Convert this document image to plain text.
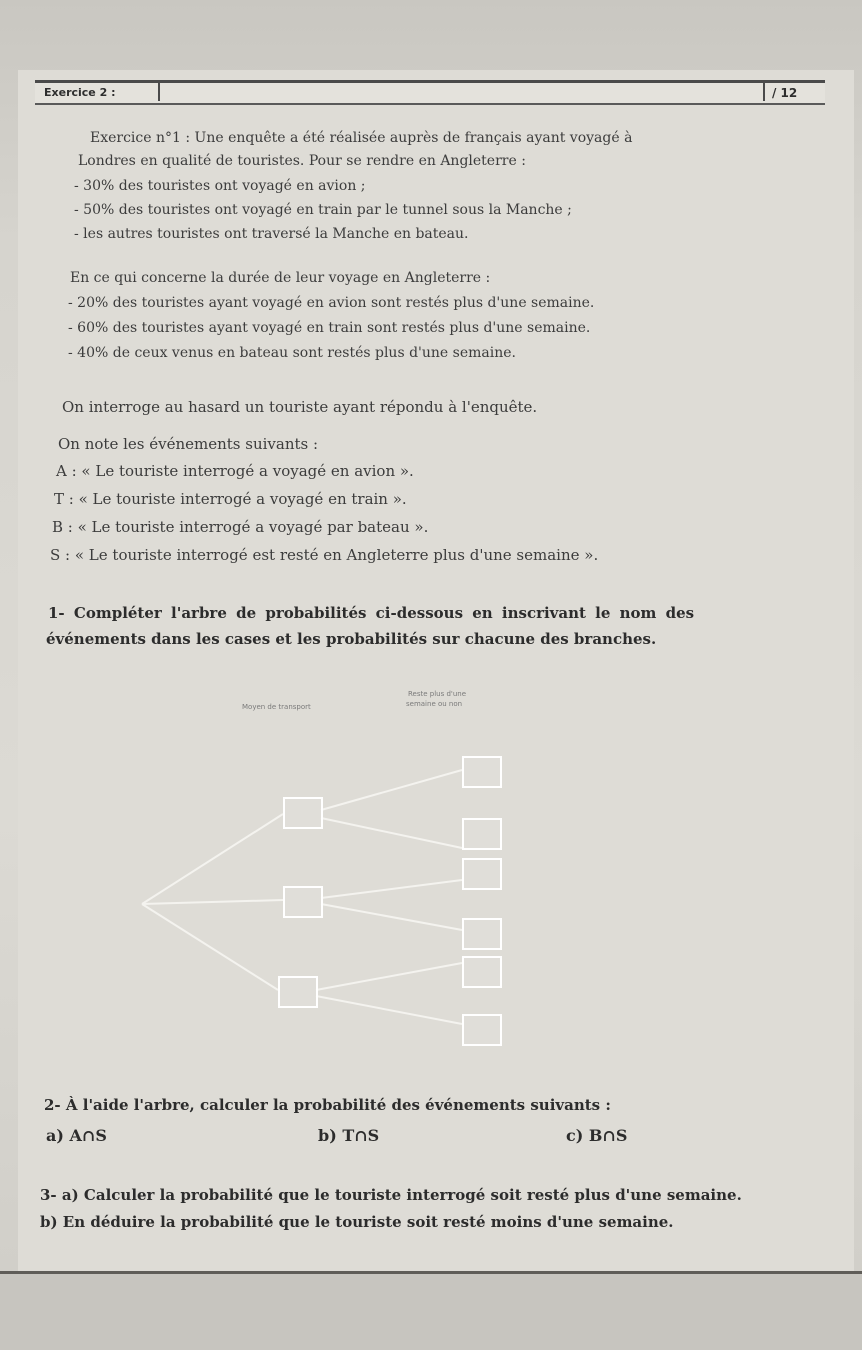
Exercice 2 :	/ 12
Exercice n°1 : Une enquête a été réalisée auprès de français ayant voyagé à
Londres en qualité de touristes. Pour se rendre en Angleterre :
- 30% des touristes ont voyagé en avion ;
- 50% des touristes ont voyagé en train par le tunnel sous la Manche ;
- les autres touristes ont traversé la Manche en bateau.
En ce qui concerne la durée de leur voyage en Angleterre :
- 20% des touristes ayant voyagé en avion sont restés plus d'une semaine.
- 60% des touristes ayant voyagé en train sont restés plus d'une semaine.
- 40% de ceux venus en bateau sont restés plus d'une semaine.
On interroge au hasard un touriste ayant répondu à l'enquête.
On note les événements suivants :
A : « Le touriste interrogé a voyagé en avion ».
T : « Le touriste interrogé a voyagé en train ».
B : « Le touriste interrogé a voyagé par bateau ».
S : « Le touriste interrogé est resté en Angleterre plus d'une semaine ».
1- Compléter l'arbre de probabilités ci-dessous en inscrivant le nom des
événements dans les cases et les probabilités sur chacune des branches.
Moyen de transport
Reste plus d'une
semaine ou non
2- À l'aide l'arbre, calculer la probabilité des événements suivants :
a) A∩S	b) T∩S	c) B∩S
3- a) Calculer la probabilité que le touriste interrogé soit resté plus d'une semaine.
b) En déduire la probabilité que le touriste soit resté moins d'une semaine.
